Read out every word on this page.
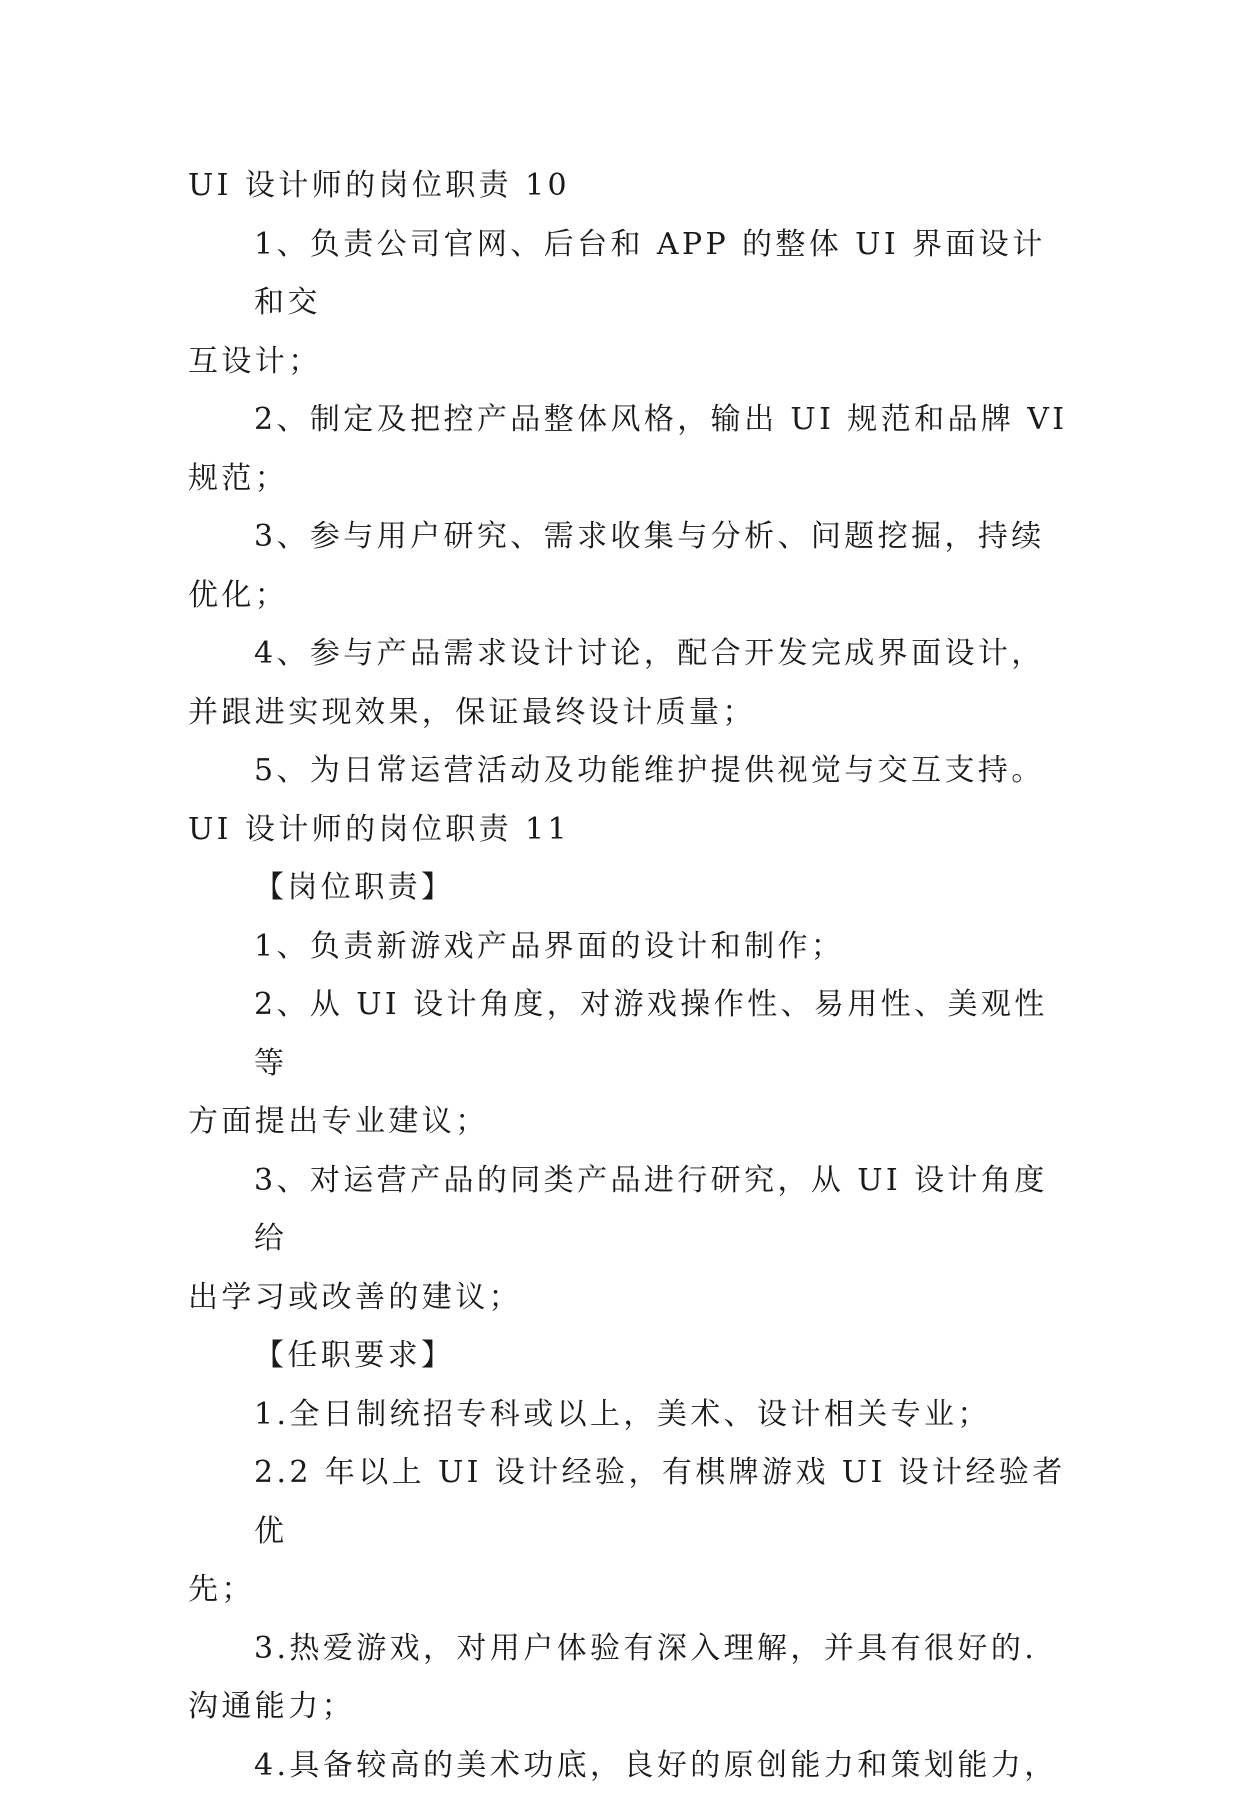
UI 设计师的岗位职责 10

1、负责公司官网、后台和 APP 的整体 UI 界面设计和交

互设计；

2、制定及把控产品整体风格，输出 UI 规范和品牌 VI

规范；

3、参与用户研究、需求收集与分析、问题挖掘，持续

优化；

4、参与产品需求设计讨论，配合开发完成界面设计，

并跟进实现效果，保证最终设计质量；

5、为日常运营活动及功能维护提供视觉与交互支持。

UI 设计师的岗位职责 11

【岗位职责】

1、负责新游戏产品界面的设计和制作；

2、从 UI 设计角度，对游戏操作性、易用性、美观性等

方面提出专业建议；

3、对运营产品的同类产品进行研究，从 UI 设计角度给

出学习或改善的建议；

【任职要求】

1.全日制统招专科或以上，美术、设计相关专业；

2.2 年以上 UI 设计经验，有棋牌游戏 UI 设计经验者优

先；

3.热爱游戏，对用户体验有深入理解，并具有很好的.

沟通能力；

4.具备较高的美术功底，良好的原创能力和策划能力，
